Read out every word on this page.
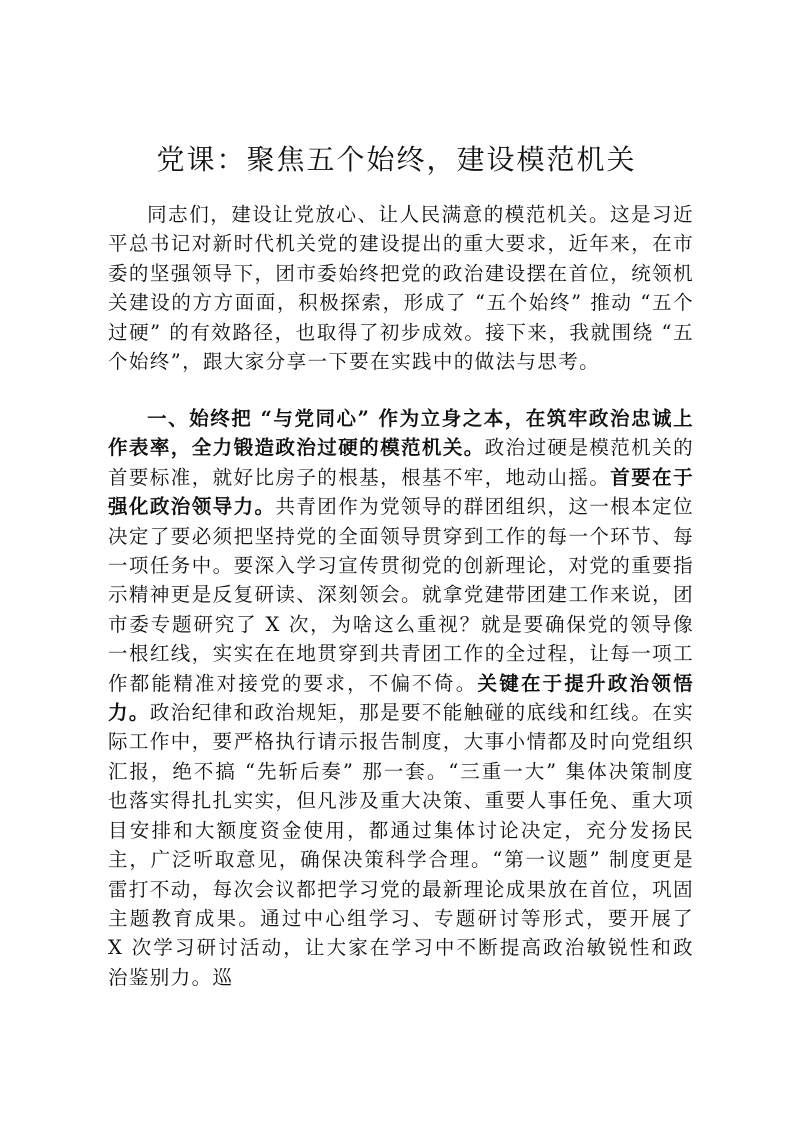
党课：聚焦五个始终，建设模范机关
同志们，建设让党放心、让人民满意的模范机关。这是习近平总书记对新时代机关党的建设提出的重大要求，近年来，在市委的坚强领导下，团市委始终把党的政治建设摆在首位，统领机关建设的方方面面，积极探索，形成了 “五个始终” 推动 “五个过硬” 的有效路径，也取得了初步成效。接下来，我就围绕 “五个始终”，跟大家分享一下要在实践中的做法与思考。
一、始终把 “与党同心” 作为立身之本，在筑牢政治忠诚上作表率，全力锻造政治过硬的模范机关。政治过硬是模范机关的首要标准，就好比房子的根基，根基不牢，地动山摇。首要在于强化政治领导力。共青团作为党领导的群团组织，这一根本定位决定了要必须把坚持党的全面领导贯穿到工作的每一个环节、每一项任务中。要深入学习宣传贯彻党的创新理论，对党的重要指示精神更是反复研读、深刻领会。就拿党建带团建工作来说，团市委专题研究了 X 次，为啥这么重视？就是要确保党的领导像一根红线，实实在在地贯穿到共青团工作的全过程，让每一项工作都能精准对接党的要求，不偏不倚。关键在于提升政治领悟力。政治纪律和政治规矩，那是要不能触碰的底线和红线。在实际工作中，要严格执行请示报告制度，大事小情都及时向党组织汇报，绝不搞 “先斩后奏” 那一套。“三重一大” 集体决策制度也落实得扎扎实实，但凡涉及重大决策、重要人事任免、重大项目安排和大额度资金使用，都通过集体讨论决定，充分发扬民主，广泛听取意见，确保决策科学合理。“第一议题” 制度更是雷打不动，每次会议都把学习党的最新理论成果放在首位，巩固主题教育成果。通过中心组学习、专题研讨等形式，要开展了 X 次学习研讨活动，让大家在学习中不断提高政治敏锐性和政治鉴别力。巡
